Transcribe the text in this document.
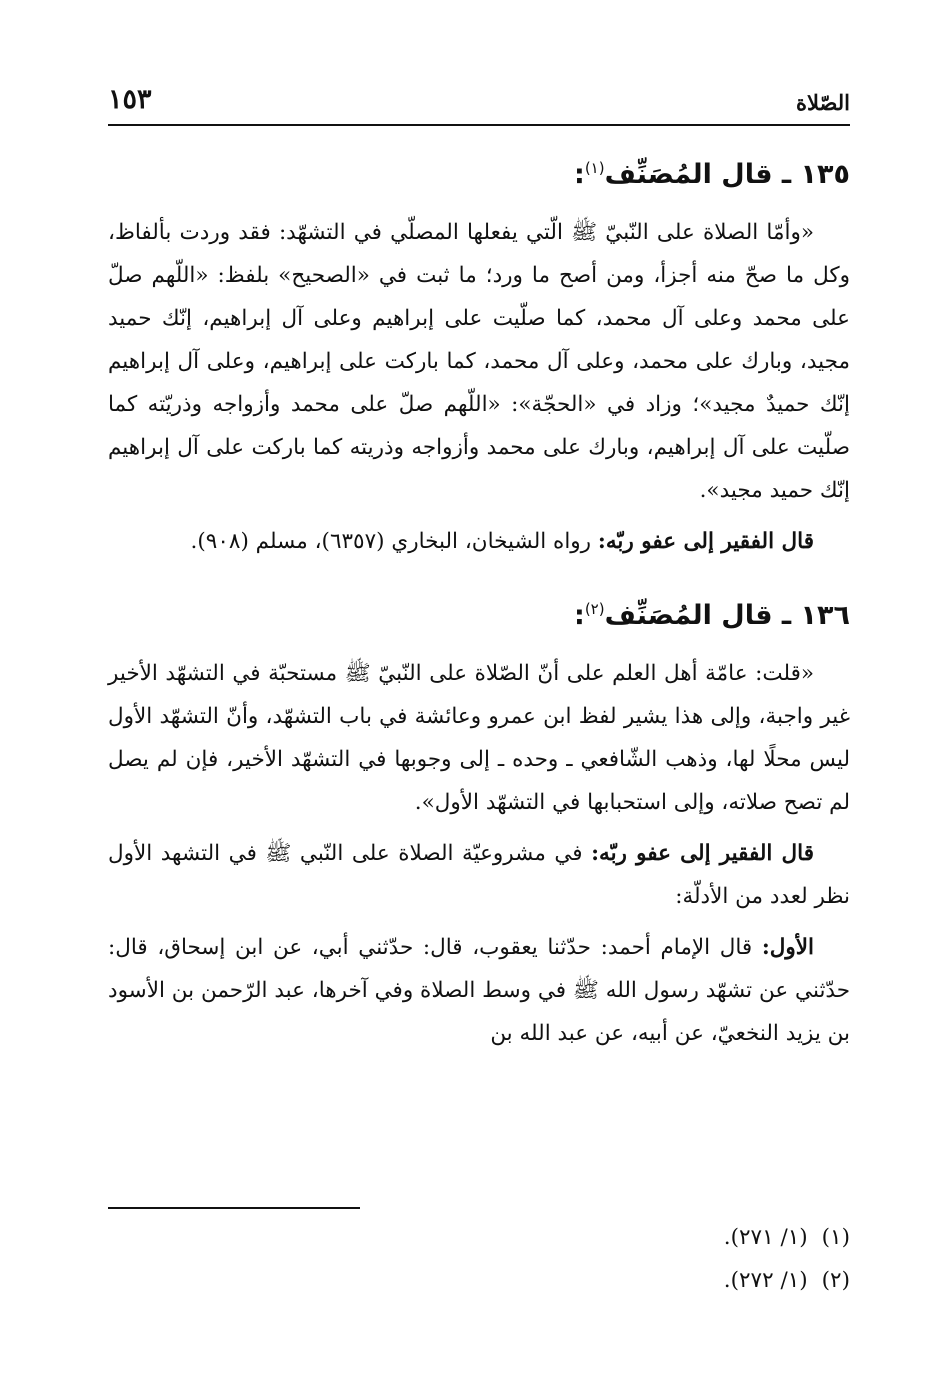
الصّلاة
١٥٣
١٣٥ ـ قال المُصَنِّف$^{(١)}$:

«وأمّا الصلاة على النّبيّ ﷺ الّتي يفعلها المصلّي في التشهّد: فقد وردت بألفاظ، وكل ما صحّ منه أجزأ، ومن أصح ما ورد؛ ما ثبت في «الصحيح» بلفظ: «اللّهم صلّ على محمد وعلى آل محمد، كما صلّيت على إبراهيم وعلى آل إبراهيم، إنّك حميد مجيد، وبارك على محمد، وعلى آل محمد، كما باركت على إبراهيم، وعلى آل إبراهيم إنّك حميدٌ مجيد»؛ وزاد في «الحجّة»: «اللّهم صلّ على محمد وأزواجه وذريّته كما صلّيت على آل إبراهيم، وبارك على محمد وأزواجه وذريته كما باركت على آل إبراهيم إنّك حميد مجيد».

قال الفقير إلى عفو ربّه: رواه الشيخان، البخاري (٦٣٥٧)، مسلم (٩٠٨).

١٣٦ ـ قال المُصَنِّف$^{(٢)}$:

«قلت: عامّة أهل العلم على أنّ الصّلاة على النّبيّ ﷺ مستحبّة في التشهّد الأخير غير واجبة، وإلى هذا يشير لفظ ابن عمرو وعائشة في باب التشهّد، وأنّ التشهّد الأول ليس محلًا لها، وذهب الشّافعي ـ وحده ـ إلى وجوبها في التشهّد الأخير، فإن لم يصل لم تصح صلاته، وإلى استحبابها في التشهّد الأول».

قال الفقير إلى عفو ربّه: في مشروعيّة الصلاة على النّبي ﷺ في التشهد الأول نظر لعدد من الأدلّة:

الأول: قال الإمام أحمد: حدّثنا يعقوب، قال: حدّثني أبي، عن ابن إسحاق، قال: حدّثني عن تشهّد رسول الله ﷺ في وسط الصلاة وفي آخرها، عبد الرّحمن بن الأسود بن يزيد النخعيّ، عن أبيه، عن عبد الله بن

(١)(١/ ٢٧١).

(٢)(١/ ٢٧٢).
